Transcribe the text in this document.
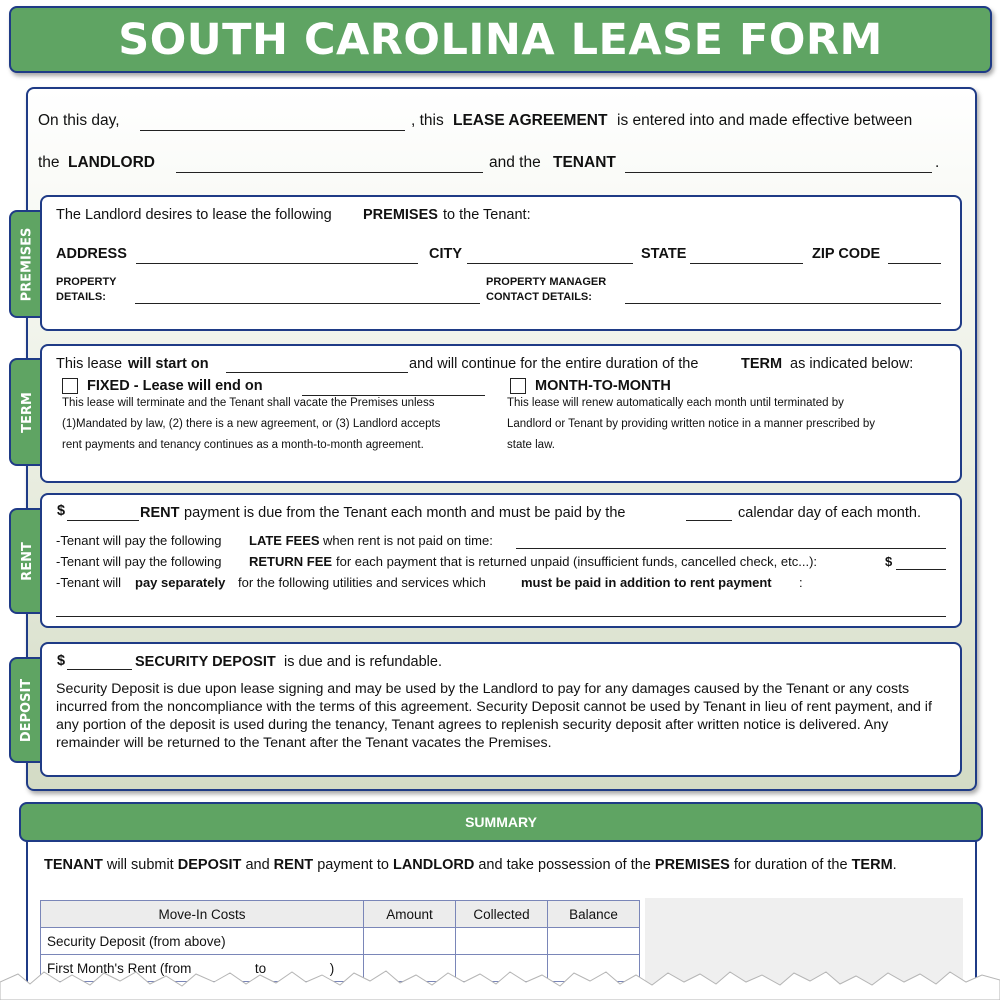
SOUTH CAROLINA LEASE FORM
On this day,	, this LEASE AGREEMENT is entered into and made effective between
the LANDLORD	and the TENANT	.
PREMISES
The Landlord desires to lease the following PREMISES to the Tenant:
ADDRESS	CITY	STATE	ZIP CODE
PROPERTY
DETAILS:
PROPERTY MANAGER
CONTACT DETAILS:
TERM
This lease will start on	and will continue for the entire duration of the	TERM as indicated below:
FIXED - Lease will end on
This lease will terminate and the Tenant shall vacate the Premises unless
(1)Mandated by law, (2) there is a new agreement, or (3) Landlord accepts
rent payments and tenancy continues as a month-to-month agreement.
MONTH-TO-MONTH
This lease will renew automatically each month until terminated by
Landlord or Tenant by providing written notice in a manner prescribed by
state law.
RENT
$	RENT payment is due from the Tenant each month and must be paid by the	calendar day of each month.
-Tenant will pay the following LATE FEES when rent is not paid on time:
-Tenant will pay the following RETURN FEE for each payment that is returned unpaid (insufficient funds, cancelled check, etc...):	$
-Tenant will pay separately for the following utilities and services which	must be paid in addition to rent payment :
DEPOSIT
$	SECURITY DEPOSIT is due and is refundable.
Security Deposit is due upon lease signing and may be used by the Landlord to pay for any damages caused by the Tenant or any costs incurred from the noncompliance with the terms of this agreement. Security Deposit cannot be used by Tenant in lieu of rent payment, and if any portion of the deposit is used during the tenancy, Tenant agrees to replenish security deposit after written notice is delivered. Any remainder will be returned to the Tenant after the Tenant vacates the Premises.
SUMMARY
TENANT will submit DEPOSIT and RENT payment to LANDLORD and take possession of the PREMISES for duration of the TERM.
Move-In Costs	Amount	Collected	Balance
Security Deposit (from above)			
First Month's Rent (from to )			
